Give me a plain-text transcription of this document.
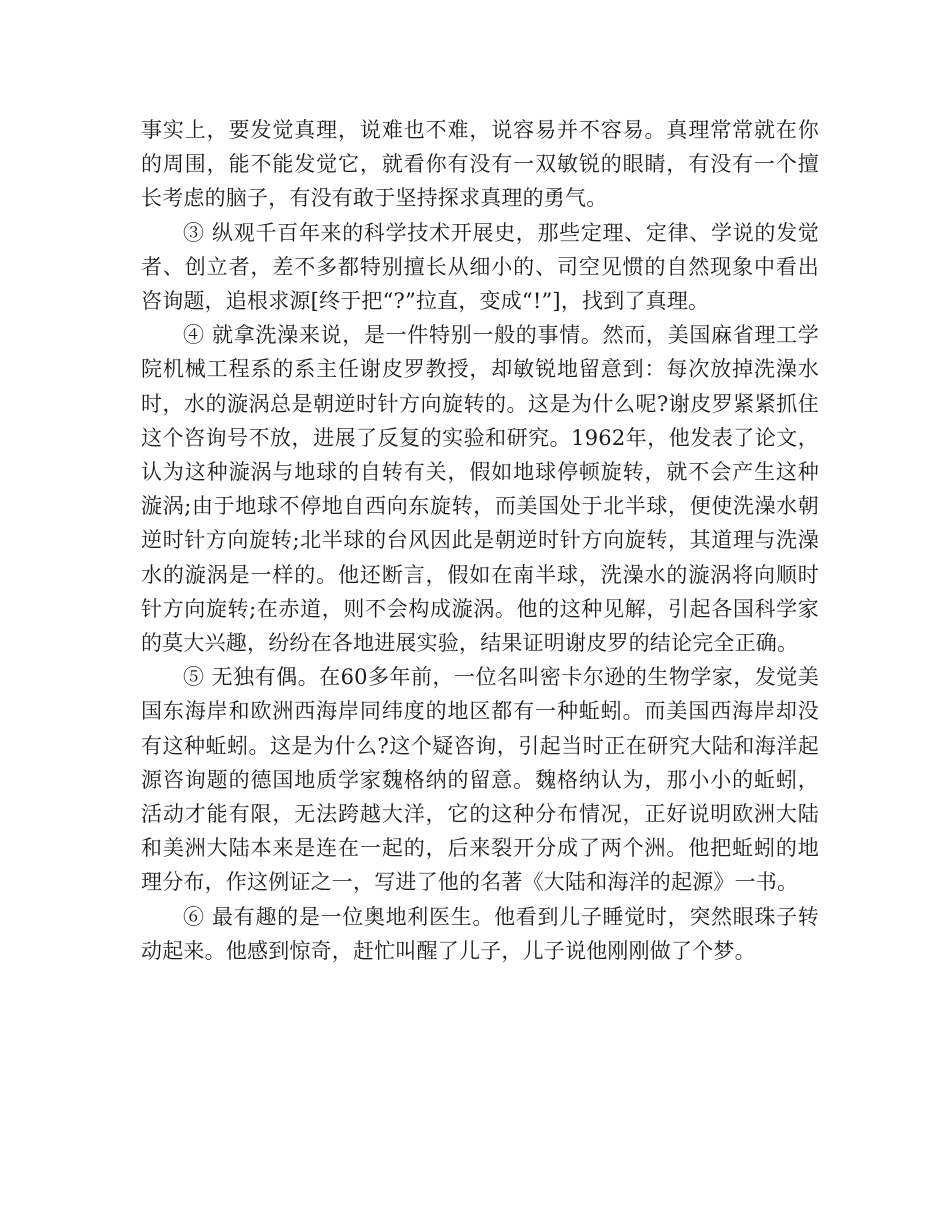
事实上，要发觉真理，说难也不难，说容易并不容易。真理常常就在你的周围，能不能发觉它，就看你有没有一双敏锐的眼睛，有没有一个擅长考虑的脑子，有没有敢于坚持探求真理的勇气。

③ 纵观千百年来的科学技术开展史，那些定理、定律、学说的发觉者、创立者，差不多都特别擅长从细小的、司空见惯的自然现象中看出咨询题，追根求源[终于把“?”拉直，变成“!”]，找到了真理。

④ 就拿洗澡来说，是一件特别一般的事情。然而，美国麻省理工学院机械工程系的系主任谢皮罗教授，却敏锐地留意到：每次放掉洗澡水时，水的漩涡总是朝逆时针方向旋转的。这是为什么呢?谢皮罗紧紧抓住这个咨询号不放，进展了反复的实验和研究。1962年，他发表了论文，认为这种漩涡与地球的自转有关，假如地球停顿旋转，就不会产生这种漩涡;由于地球不停地自西向东旋转，而美国处于北半球，便使洗澡水朝逆时针方向旋转;北半球的台风因此是朝逆时针方向旋转，其道理与洗澡水的漩涡是一样的。他还断言，假如在南半球，洗澡水的漩涡将向顺时针方向旋转;在赤道，则不会构成漩涡。他的这种见解，引起各国科学家的莫大兴趣，纷纷在各地进展实验，结果证明谢皮罗的结论完全正确。

⑤ 无独有偶。在60多年前，一位名叫密卡尔逊的生物学家，发觉美国东海岸和欧洲西海岸同纬度的地区都有一种蚯蚓。而美国西海岸却没有这种蚯蚓。这是为什么?这个疑咨询，引起当时正在研究大陆和海洋起源咨询题的德国地质学家魏格纳的留意。魏格纳认为，那小小的蚯蚓，活动才能有限，无法跨越大洋，它的这种分布情况，正好说明欧洲大陆和美洲大陆本来是连在一起的，后来裂开分成了两个洲。他把蚯蚓的地理分布，作这例证之一，写进了他的名著《大陆和海洋的起源》一书。

⑥ 最有趣的是一位奥地利医生。他看到儿子睡觉时，突然眼珠子转动起来。他感到惊奇，赶忙叫醒了儿子，儿子说他刚刚做了个梦。
